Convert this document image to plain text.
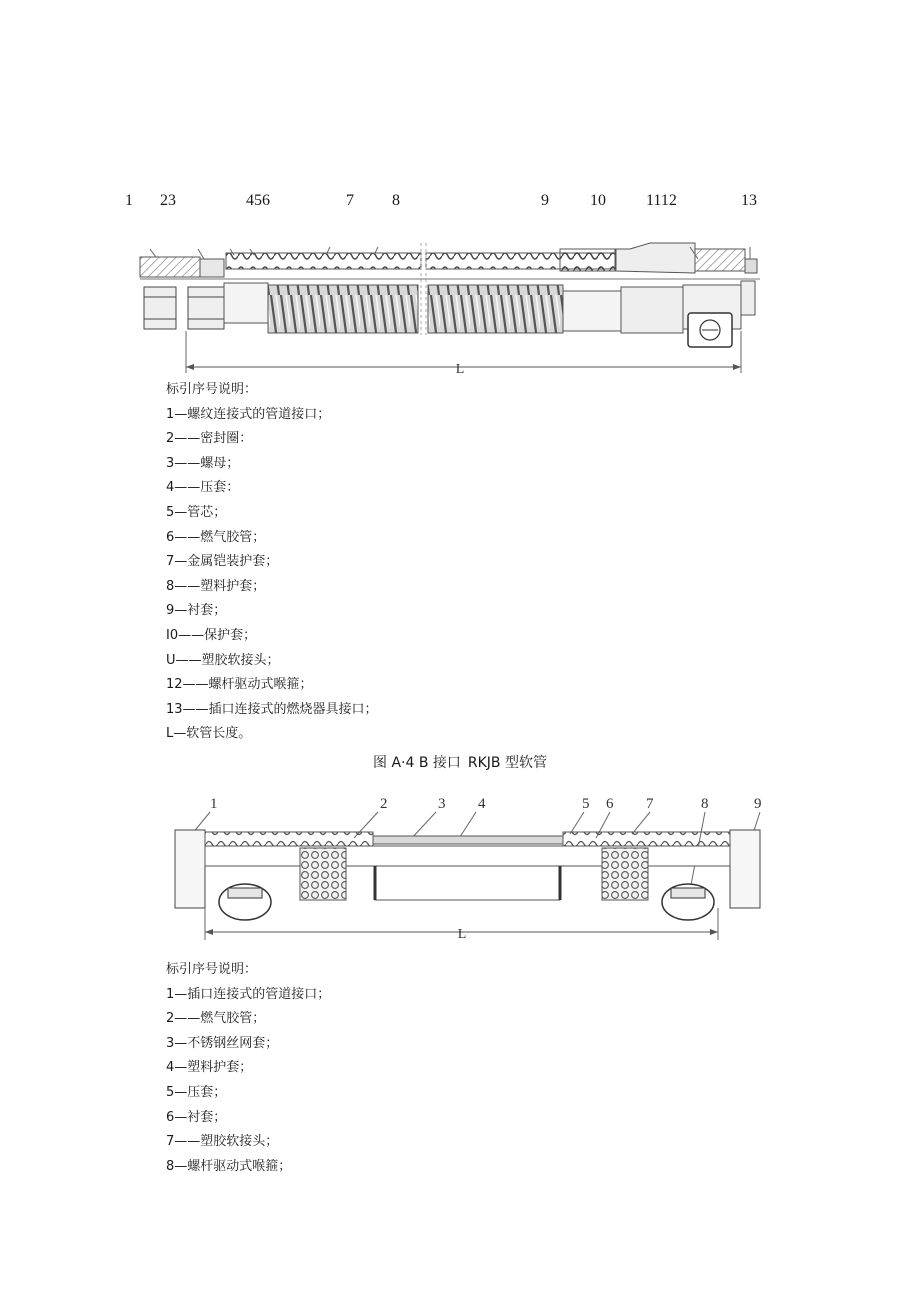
1 23	456	7 8	9	10	1112	13
L
标引序号说明：
1—螺纹连接式的管道接口；
2——密封圈：
3——螺母；
4——压套：
5—管芯；
6——燃气胶管；
7—金属铠装护套；
8——塑料护套；
9—衬套；
I0——保护套；
U——塑胶软接头；
12——螺杆驱动式喉箍；
13——插口连接式的燃烧器具接口；
L—软管长度。
图 A·4 B 接口 RKJB 型软管
1	2	3 4	5 6 7	8	9
L
标引序号说明：
1—插口连接式的管道接口；
2——燃气胶管；
3—不锈钢丝网套；
4—塑料护套；
5—压套；
6—衬套；
7——塑胶软接头；
8—螺杆驱动式喉箍；
